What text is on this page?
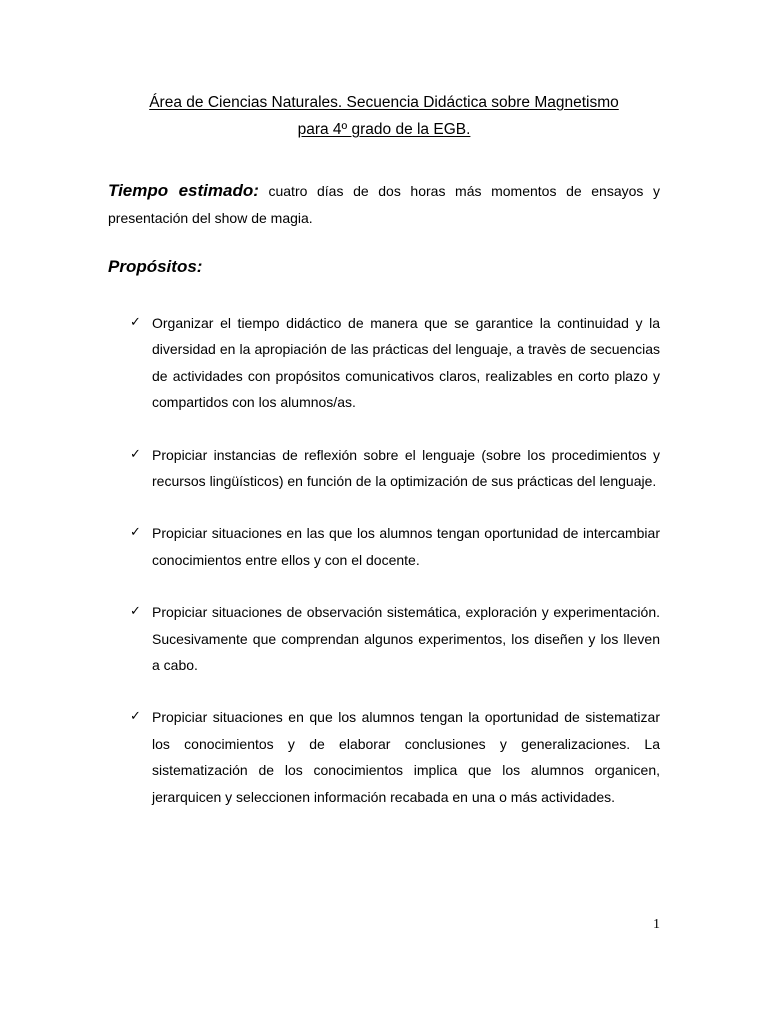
Área de Ciencias Naturales. Secuencia Didáctica sobre Magnetismo
para 4º grado de la EGB.
Tiempo estimado: cuatro días de dos horas más momentos de ensayos y presentación del show de magia.
Propósitos:
✓ Organizar el tiempo didáctico de manera que se garantice la continuidad y la diversidad en la apropiación de las prácticas del lenguaje, a travès de secuencias de actividades con propósitos comunicativos claros, realizables en corto plazo y compartidos con los alumnos/as.
✓ Propiciar instancias de reflexión sobre el lenguaje (sobre los procedimientos y recursos lingüísticos) en función de la optimización de sus prácticas del lenguaje.
✓ Propiciar situaciones en las que los alumnos tengan oportunidad de intercambiar conocimientos entre ellos y con el docente.
✓ Propiciar situaciones de observación sistemática, exploración y experimentación. Sucesivamente que comprendan algunos experimentos, los diseñen y los lleven a cabo.
✓ Propiciar situaciones en que los alumnos tengan la oportunidad de sistematizar los conocimientos y de elaborar conclusiones y generalizaciones. La sistematización de los conocimientos implica que los alumnos organicen, jerarquicen y seleccionen información recabada en una o más actividades.
1
